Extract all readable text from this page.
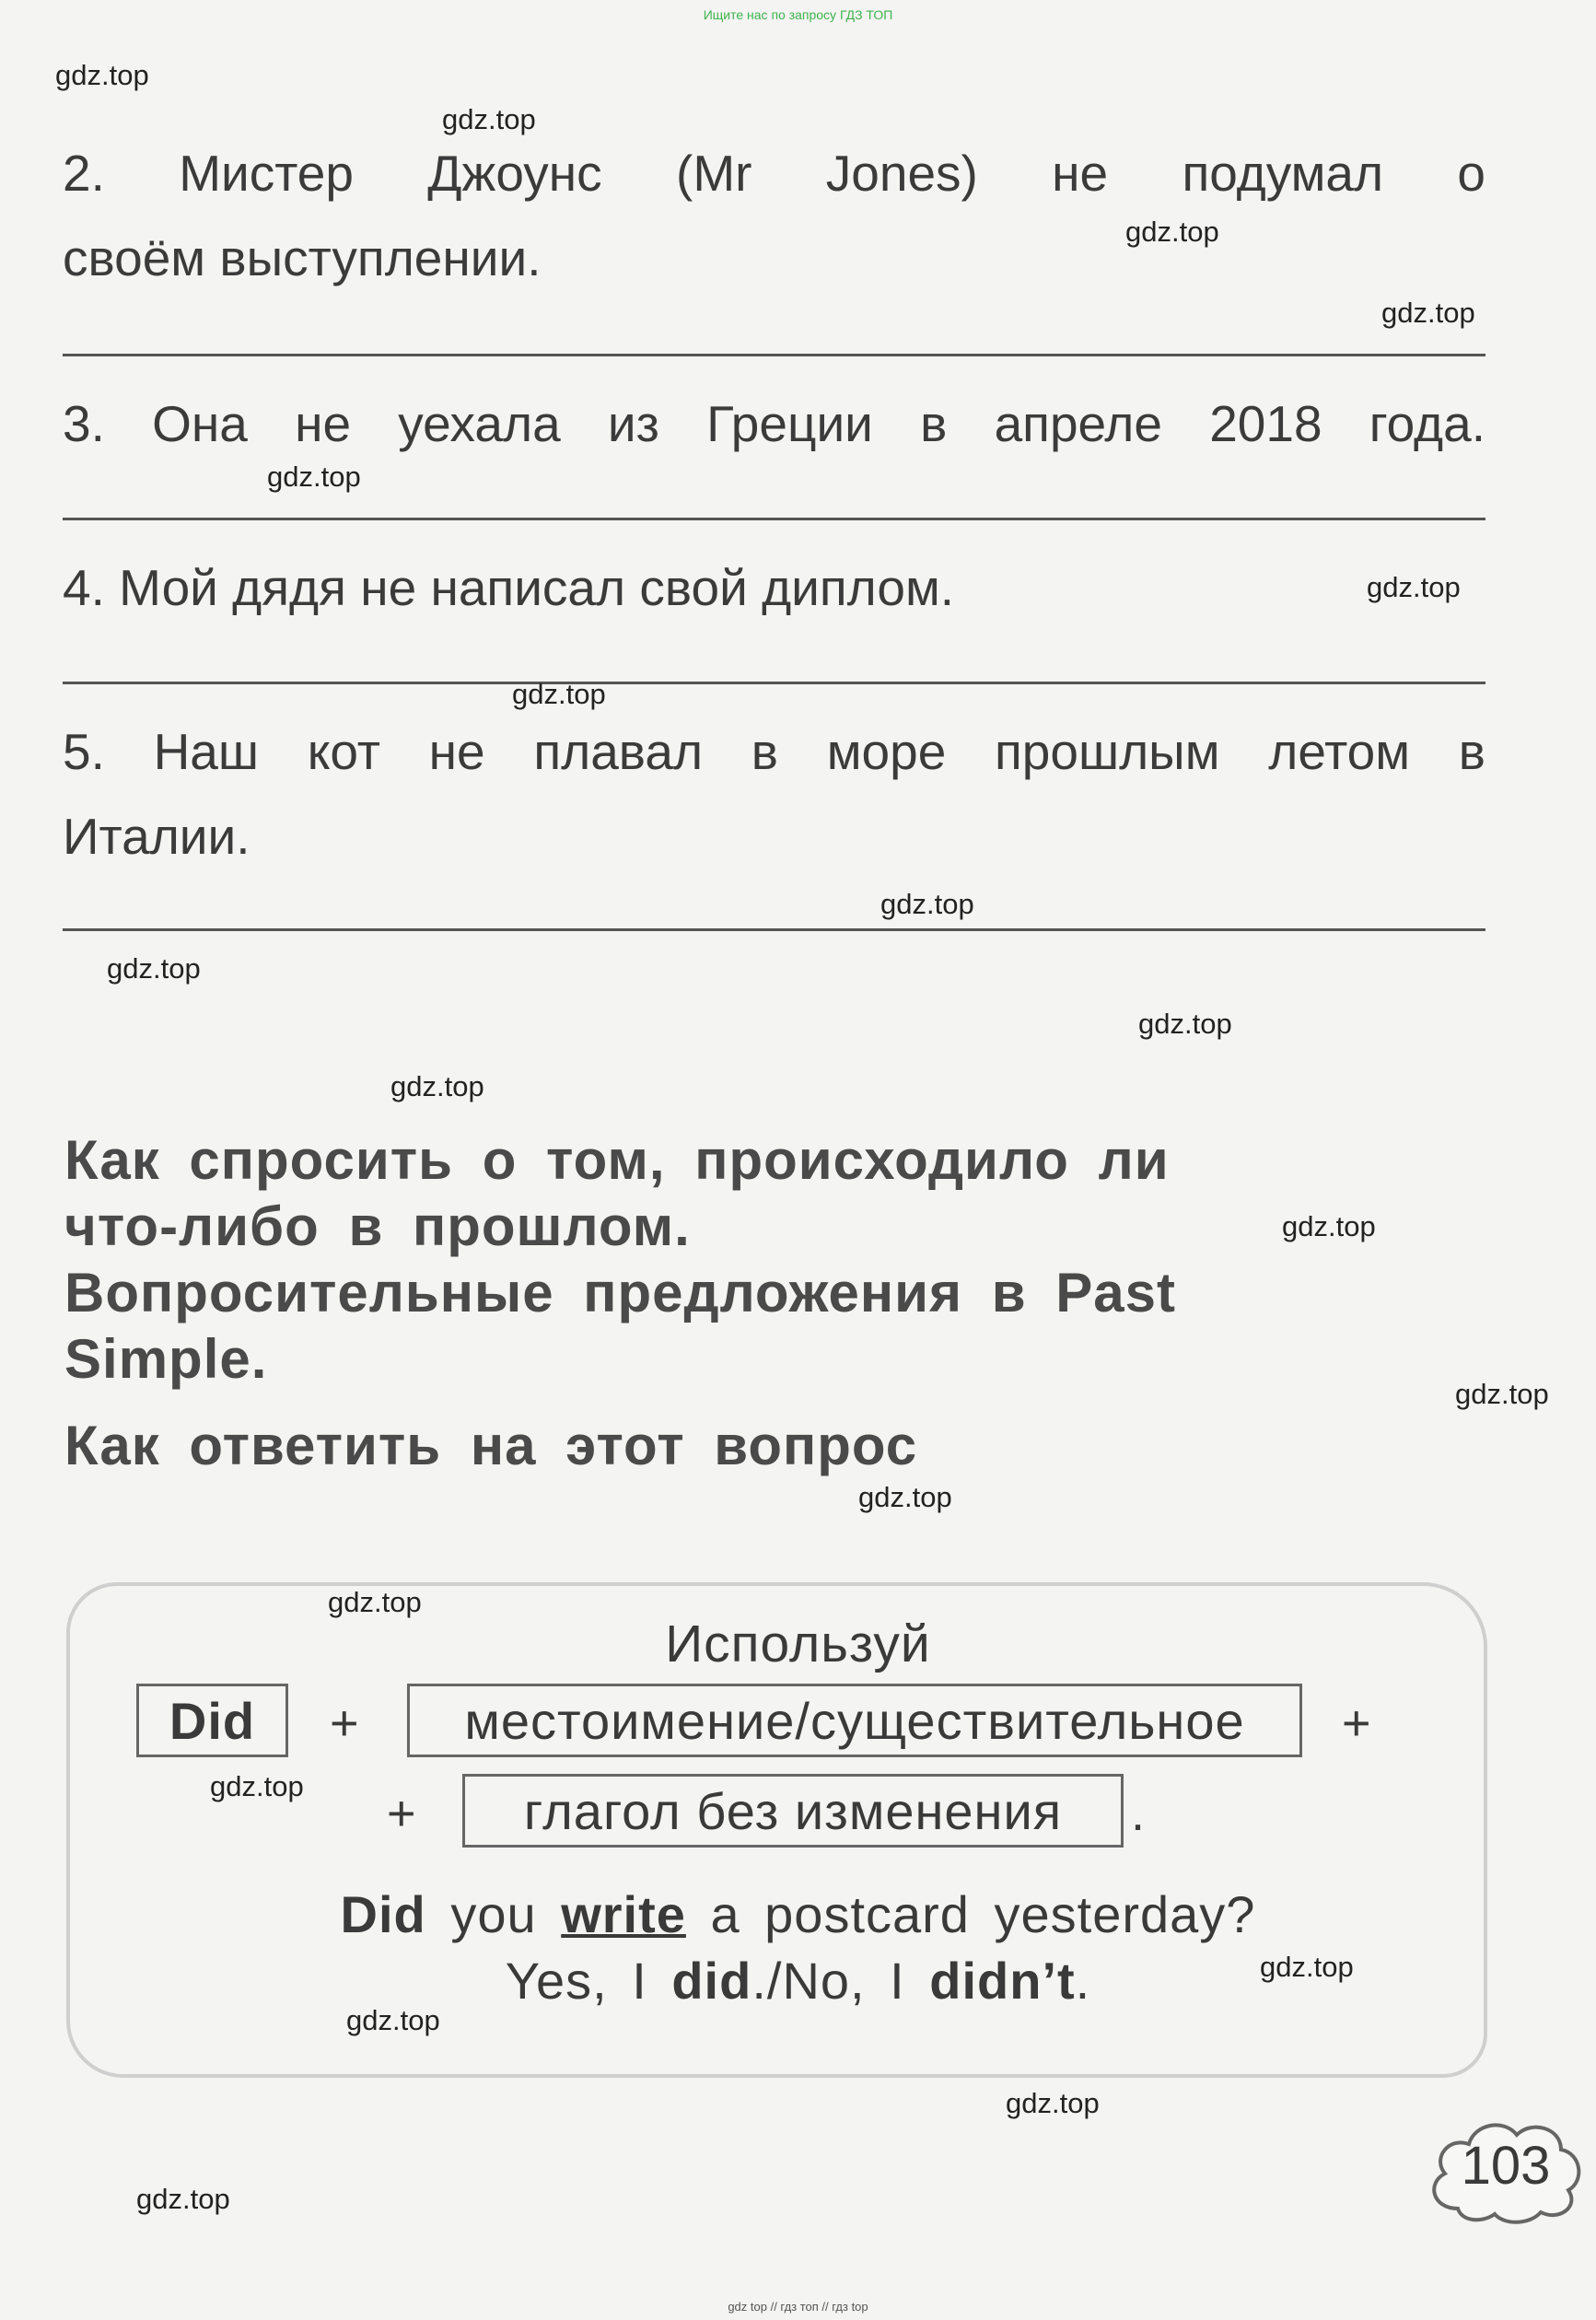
Ищите нас по запросу ГДЗ ТОП
2. Мистер Джоунс (Mr Jones) не подумал о
своём выступлении.
3. Она не уехала из Греции в апреле 2018 года.
4. Мой дядя не написал свой диплом.
5. Наш кот не плавал в море прошлым летом в
Италии.
Как спросить о том, происходило ли
что-либо в прошлом.
Вопросительные предложения в Past
Simple.
Как ответить на этот вопрос
Используй
Did + местоимение/существительное +
+ глагол без изменения .
Did you write a postcard yesterday?
Yes, I did./No, I didn’t.
103
gdz.top
gdz.top
gdz.top
gdz.top
gdz.top
gdz.top
gdz.top
gdz.top
gdz.top
gdz.top
gdz.top
gdz.top
gdz.top
gdz.top
gdz.top
gdz.top
gdz.top
gdz.top
gdz.top
gdz.top
gdz top // гдз топ // гдз top
